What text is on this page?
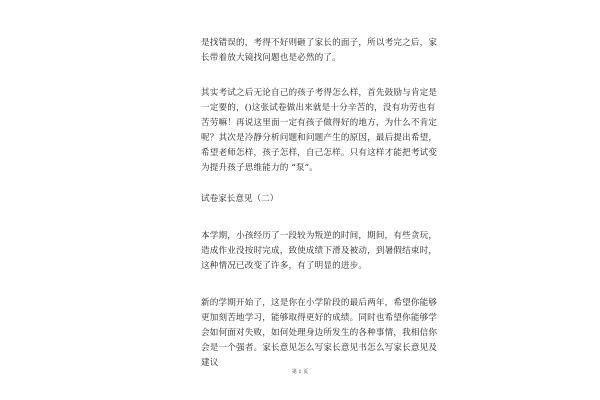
是找错误的，考得不好则砸了家长的面子，所以考完之后，家
长带着放大镜找问题也是必然的了。
其实考试之后无论自己的孩子考得怎么样，首先鼓励与肯定是
一定要的，()这张试卷做出来就是十分辛苦的，没有功劳也有
苦劳嘛！再说这里面一定有孩子做得好的地方，为什么不肯定
呢？其次是冷静分析问题和问题产生的原因，最后提出希望，
希望老师怎样，孩子怎样，自己怎样。只有这样才能把考试变
为提升孩子思维能力的 “泵”。
试卷家长意见（二）
本学期，小孩经历了一段较为叛逆的时间，期间，有些贪玩，
造成作业没按时完成，致使成绩下滑及被动，到暑假结束时，
这种情况已改变了许多，有了明显的进步。
新的学期开始了，这是你在小学阶段的最后两年，希望你能够
更加刻苦地学习，能够取得更好的成绩。同时也希望你能够学
会如何面对失败，如何处理身边所发生的各种事情，我相信你
会是一个强者。家长意见怎么写家长意见书怎么写家长意见及
建议
第 1 页
